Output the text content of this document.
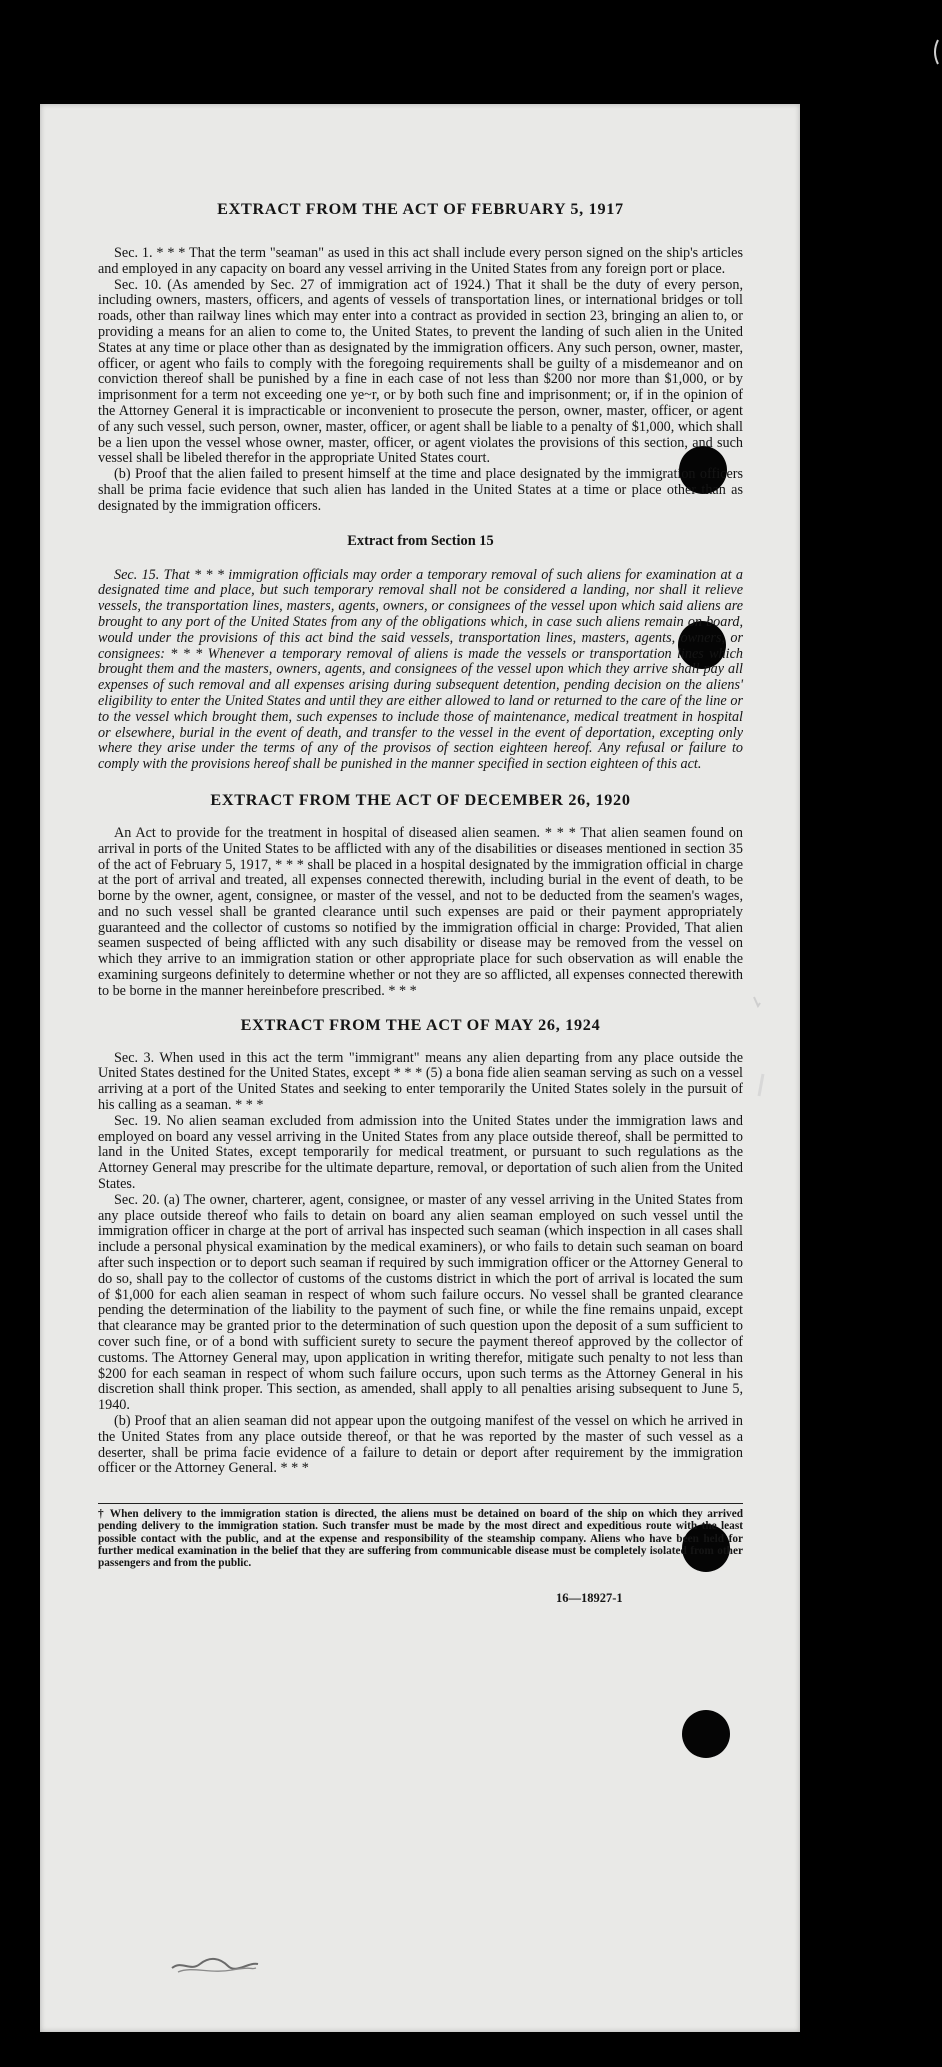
EXTRACT FROM THE ACT OF FEBRUARY 5, 1917

Sec. 1. * * * That the term "seaman" as used in this act shall include every person signed on the ship's articles and employed in any capacity on board any vessel arriving in the United States from any foreign port or place.

Sec. 10. (As amended by Sec. 27 of immigration act of 1924.) That it shall be the duty of every person, including owners, masters, officers, and agents of vessels of transportation lines, or international bridges or toll roads, other than railway lines which may enter into a contract as provided in section 23, bringing an alien to, or providing a means for an alien to come to, the United States, to prevent the landing of such alien in the United States at any time or place other than as designated by the immigration officers. Any such person, owner, master, officer, or agent who fails to comply with the foregoing requirements shall be guilty of a misdemeanor and on conviction thereof shall be punished by a fine in each case of not less than $200 nor more than $1,000, or by imprisonment for a term not exceeding one ye~r, or by both such fine and imprisonment; or, if in the opinion of the Attorney General it is impracticable or inconvenient to prosecute the person, owner, master, officer, or agent of any such vessel, such person, owner, master, officer, or agent shall be liable to a penalty of $1,000, which shall be a lien upon the vessel whose owner, master, officer, or agent violates the provisions of this section, and such vessel shall be libeled therefor in the appropriate United States court.

(b) Proof that the alien failed to present himself at the time and place designated by the immigration officers shall be prima facie evidence that such alien has landed in the United States at a time or place other than as designated by the immigration officers.

Extract from Section 15

Sec. 15. That * * * immigration officials may order a temporary removal of such aliens for examination at a designated time and place, but such temporary removal shall not be considered a landing, nor shall it relieve vessels, the transportation lines, masters, agents, owners, or consignees of the vessel upon which said aliens are brought to any port of the United States from any of the obligations which, in case such aliens remain on board, would under the provisions of this act bind the said vessels, transportation lines, masters, agents, owners, or consignees: * * * Whenever a temporary removal of aliens is made the vessels or transportation lines which brought them and the masters, owners, agents, and consignees of the vessel upon which they arrive shall pay all expenses of such removal and all expenses arising during subsequent detention, pending decision on the aliens' eligibility to enter the United States and until they are either allowed to land or returned to the care of the line or to the vessel which brought them, such expenses to include those of maintenance, medical treatment in hospital or elsewhere, burial in the event of death, and transfer to the vessel in the event of deportation, excepting only where they arise under the terms of any of the provisos of section eighteen hereof. Any refusal or failure to comply with the provisions hereof shall be punished in the manner specified in section eighteen of this act.

EXTRACT FROM THE ACT OF DECEMBER 26, 1920

An Act to provide for the treatment in hospital of diseased alien seamen. * * * That alien seamen found on arrival in ports of the United States to be afflicted with any of the disabilities or diseases mentioned in section 35 of the act of February 5, 1917, * * * shall be placed in a hospital designated by the immigration official in charge at the port of arrival and treated, all expenses connected therewith, including burial in the event of death, to be borne by the owner, agent, consignee, or master of the vessel, and not to be deducted from the seamen's wages, and no such vessel shall be granted clearance until such expenses are paid or their payment appropriately guaranteed and the collector of customs so notified by the immigration official in charge: Provided, That alien seamen suspected of being afflicted with any such disability or disease may be removed from the vessel on which they arrive to an immigration station or other appropriate place for such observation as will enable the examining surgeons definitely to determine whether or not they are so afflicted, all expenses connected therewith to be borne in the manner hereinbefore prescribed. * * *

EXTRACT FROM THE ACT OF MAY 26, 1924

Sec. 3. When used in this act the term "immigrant" means any alien departing from any place outside the United States destined for the United States, except * * * (5) a bona fide alien seaman serving as such on a vessel arriving at a port of the United States and seeking to enter temporarily the United States solely in the pursuit of his calling as a seaman. * * *

Sec. 19. No alien seaman excluded from admission into the United States under the immigration laws and employed on board any vessel arriving in the United States from any place outside thereof, shall be permitted to land in the United States, except temporarily for medical treatment, or pursuant to such regulations as the Attorney General may prescribe for the ultimate departure, removal, or deportation of such alien from the United States.

Sec. 20. (a) The owner, charterer, agent, consignee, or master of any vessel arriving in the United States from any place outside thereof who fails to detain on board any alien seaman employed on such vessel until the immigration officer in charge at the port of arrival has inspected such seaman (which inspection in all cases shall include a personal physical examination by the medical examiners), or who fails to detain such seaman on board after such inspection or to deport such seaman if required by such immigration officer or the Attorney General to do so, shall pay to the collector of customs of the customs district in which the port of arrival is located the sum of $1,000 for each alien seaman in respect of whom such failure occurs. No vessel shall be granted clearance pending the determination of the liability to the payment of such fine, or while the fine remains unpaid, except that clearance may be granted prior to the determination of such question upon the deposit of a sum sufficient to cover such fine, or of a bond with sufficient surety to secure the payment thereof approved by the collector of customs. The Attorney General may, upon application in writing therefor, mitigate such penalty to not less than $200 for each seaman in respect of whom such failure occurs, upon such terms as the Attorney General in his discretion shall think proper. This section, as amended, shall apply to all penalties arising subsequent to June 5, 1940.

(b) Proof that an alien seaman did not appear upon the outgoing manifest of the vessel on which he arrived in the United States from any place outside thereof, or that he was reported by the master of such vessel as a deserter, shall be prima facie evidence of a failure to detain or deport after requirement by the immigration officer or the Attorney General. * * *

† When delivery to the immigration station is directed, the aliens must be detained on board of the ship on which they arrived pending delivery to the immigration station. Such transfer must be made by the most direct and expeditious route with the least possible contact with the public, and at the expense and responsibility of the steamship company. Aliens who have been held for further medical examination in the belief that they are suffering from communicable disease must be completely isolated from other passengers and from the public.
16—18927-1
